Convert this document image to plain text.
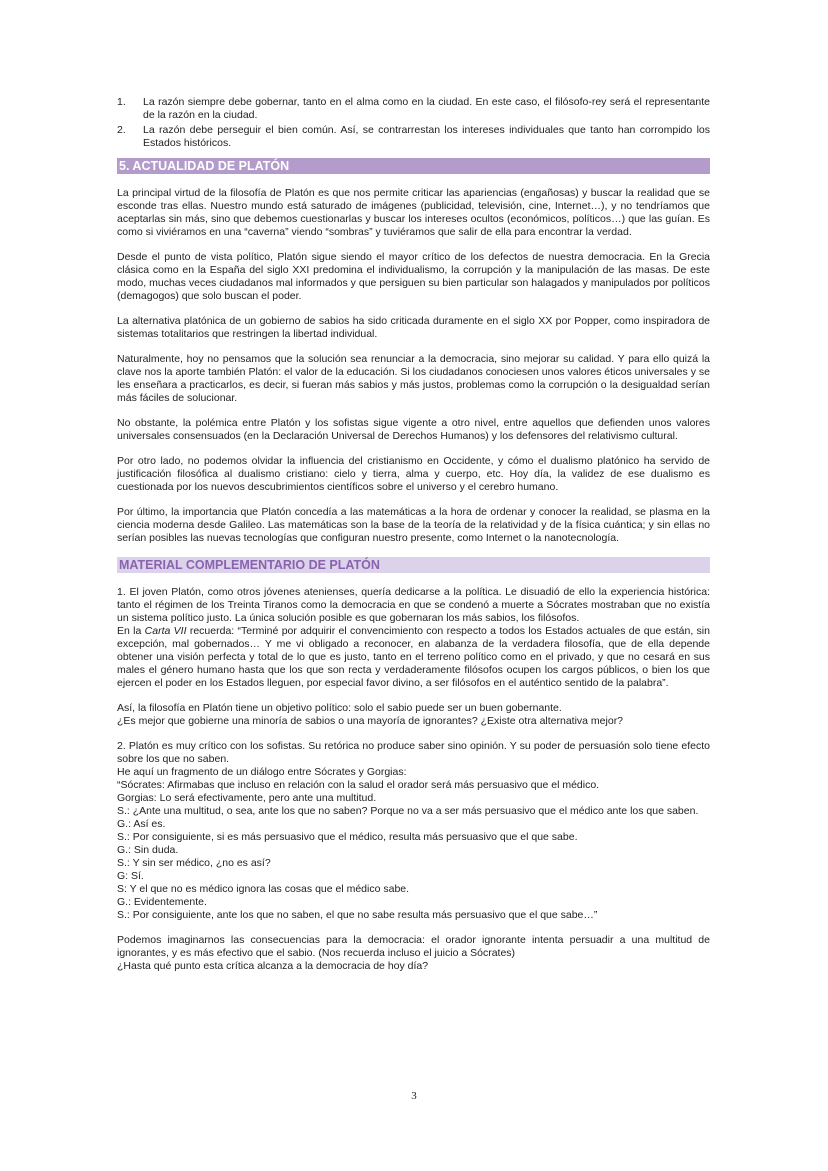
1.	La razón siempre debe gobernar, tanto en el alma como en la ciudad. En este caso, el filósofo-rey será el representante de la razón en la ciudad.
2.	La razón debe perseguir el bien común. Así, se contrarrestan los intereses individuales que tanto han corrompido los Estados históricos.
5. ACTUALIDAD DE PLATÓN

La principal virtud de la filosofía de Platón es que nos permite criticar las apariencias (engañosas) y buscar la realidad que se esconde tras ellas. Nuestro mundo está saturado de imágenes (publicidad, televisión, cine, Internet…), y no tendríamos que aceptarlas sin más, sino que debemos cuestionarlas y buscar los intereses ocultos (económicos, políticos…) que las guían. Es como si viviéramos en una “caverna” viendo “sombras” y tuviéramos que salir de ella para encontrar la verdad.

Desde el punto de vista político, Platón sigue siendo el mayor crítico de los defectos de nuestra democracia. En la Grecia clásica como en la España del siglo XXI predomina el individualismo, la corrupción y la manipulación de las masas. De este modo, muchas veces ciudadanos mal informados y que persiguen su bien particular son halagados y manipulados por políticos (demagogos) que solo buscan el poder.

La alternativa platónica de un gobierno de sabios ha sido criticada duramente en el siglo XX por Popper, como inspiradora de sistemas totalitarios que restringen la libertad individual.

Naturalmente, hoy no pensamos que la solución sea renunciar a la democracia, sino mejorar su calidad. Y para ello quizá la clave nos la aporte también Platón: el valor de la educación. Si los ciudadanos conociesen unos valores éticos universales y se les enseñara a practicarlos, es decir, si fueran más sabios y más justos, problemas como la corrupción o la desigualdad serían más fáciles de solucionar.

No obstante, la polémica entre Platón y los sofistas sigue vigente a otro nivel, entre aquellos que defienden unos valores universales consensuados (en la Declaración Universal de Derechos Humanos) y los defensores del relativismo cultural.

Por otro lado, no podemos olvidar la influencia del cristianismo en Occidente, y cómo el dualismo platónico ha servido de justificación filosófica al dualismo cristiano: cielo y tierra, alma y cuerpo, etc. Hoy día, la validez de ese dualismo es cuestionada por los nuevos descubrimientos científicos sobre el universo y el cerebro humano.

Por último, la importancia que Platón concedía a las matemáticas a la hora de ordenar y conocer la realidad, se plasma en la ciencia moderna desde Galileo. Las matemáticas son la base de la teoría de la relatividad y de la física cuántica; y sin ellas no serían posibles las nuevas tecnologías que configuran nuestro presente, como Internet o la nanotecnología.

MATERIAL COMPLEMENTARIO DE PLATÓN

1. El joven Platón, como otros jóvenes atenienses, quería dedicarse a la política. Le disuadió de ello la experiencia histórica: tanto el régimen de los Treinta Tiranos como la democracia en que se condenó a muerte a Sócrates mostraban que no existía un sistema político justo. La única solución posible es que gobernaran los más sabios, los filósofos.

En la Carta VII recuerda: “Terminé por adquirir el convencimiento con respecto a todos los Estados actuales de que están, sin excepción, mal gobernados… Y me vi obligado a reconocer, en alabanza de la verdadera filosofía, que de ella depende obtener una visión perfecta y total de lo que es justo, tanto en el terreno político como en el privado, y que no cesará en sus males el género humano hasta que los que son recta y verdaderamente filósofos ocupen los cargos públicos, o bien los que ejercen el poder en los Estados lleguen, por especial favor divino, a ser filósofos en el auténtico sentido de la palabra”.

Así, la filosofía en Platón tiene un objetivo político: solo el sabio puede ser un buen gobernante.
¿Es mejor que gobierne una minoría de sabios o una mayoría de ignorantes? ¿Existe otra alternativa mejor?

2. Platón es muy crítico con los sofistas. Su retórica no produce saber sino opinión. Y su poder de persuasión solo tiene efecto sobre los que no saben.

He aquí un fragmento de un diálogo entre Sócrates y Gorgias:
“Sócrates: Afirmabas que incluso en relación con la salud el orador será más persuasivo que el médico.
Gorgias: Lo será efectivamente, pero ante una multitud.
S.: ¿Ante una multitud, o sea, ante los que no saben? Porque no va a ser más persuasivo que el médico ante los que saben.
G.: Así es.
S.: Por consiguiente, si es más persuasivo que el médico, resulta más persuasivo que el que sabe.
G.: Sin duda.
S.: Y sin ser médico, ¿no es así?
G: Sí.
S: Y el que no es médico ignora las cosas que el médico sabe.
G.: Evidentemente.
S.: Por consiguiente, ante los que no saben, el que no sabe resulta más persuasivo que el que sabe…”

Podemos imaginarnos las consecuencias para la democracia: el orador ignorante intenta persuadir a una multitud de ignorantes, y es más efectivo que el sabio. (Nos recuerda incluso el juicio a Sócrates)
¿Hasta qué punto esta crítica alcanza a la democracia de hoy día?

3
